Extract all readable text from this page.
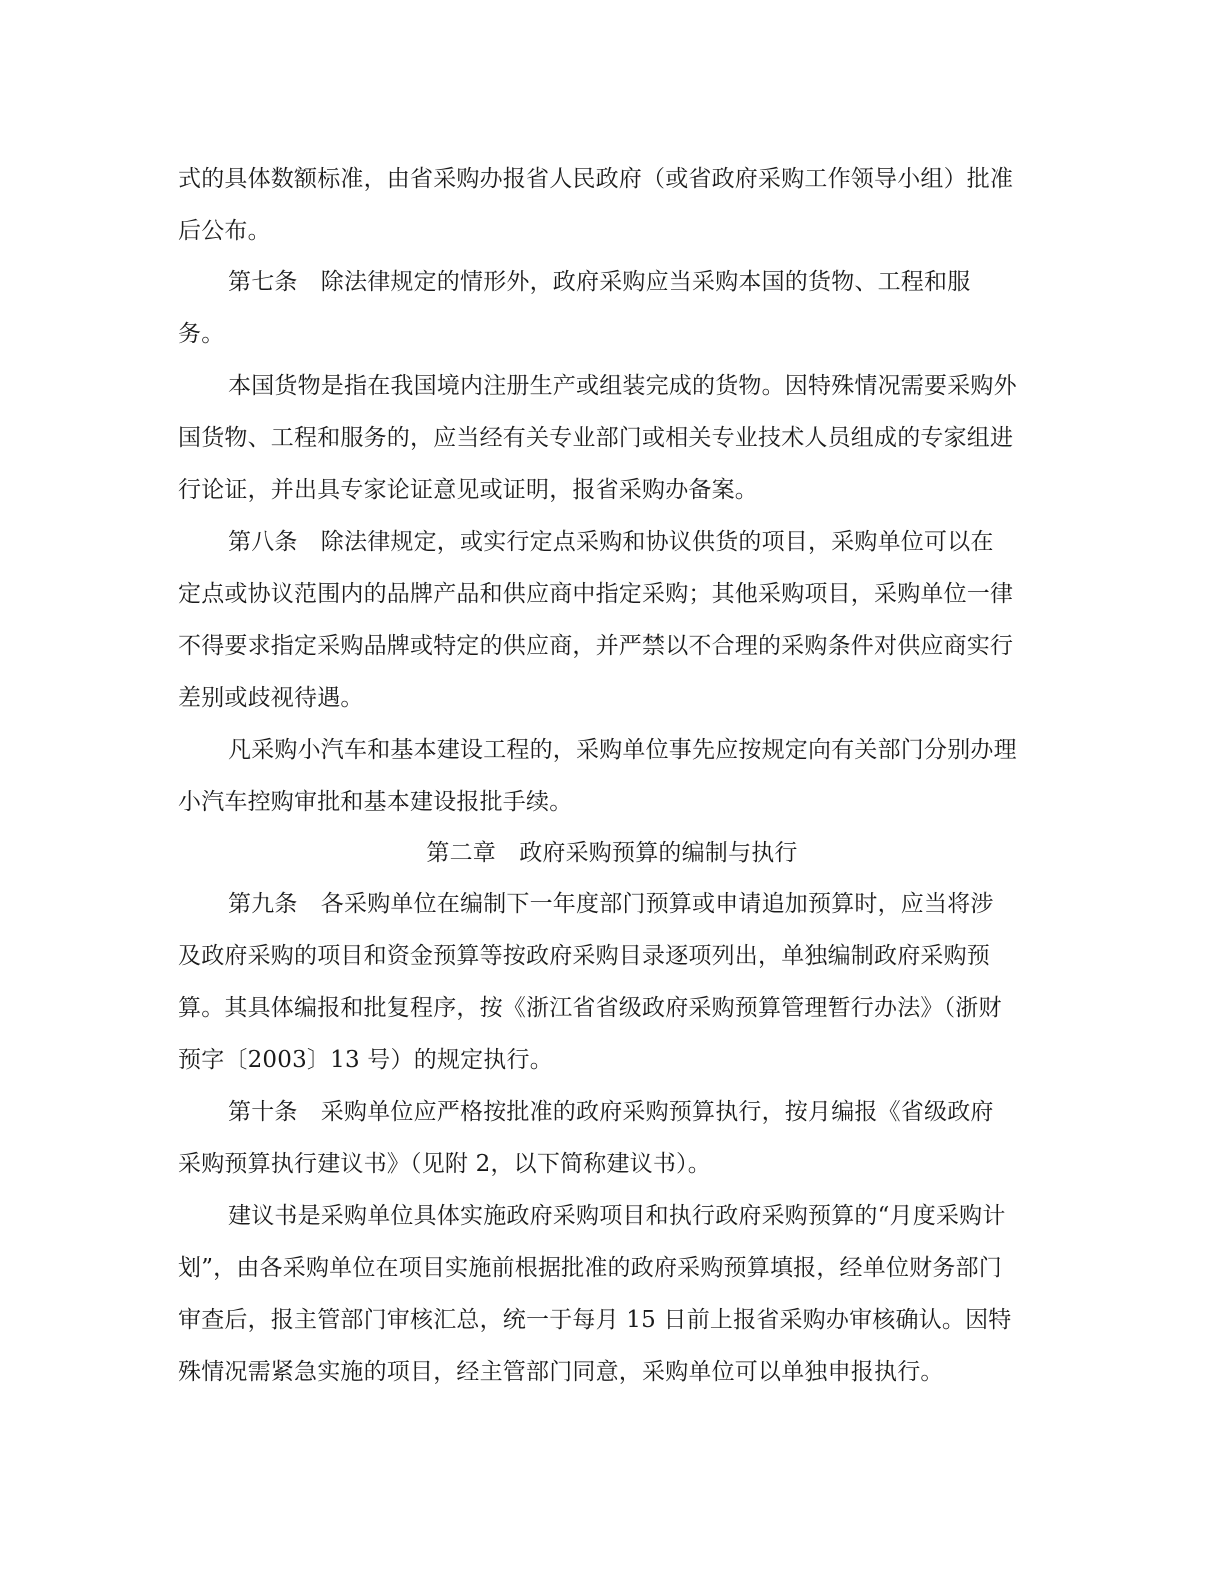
式的具体数额标准，由省采购办报省人民政府（或省政府采购工作领导小组）批准
后公布。
第七条　除法律规定的情形外，政府采购应当采购本国的货物、工程和服
务。
本国货物是指在我国境内注册生产或组装完成的货物。因特殊情况需要采购外
国货物、工程和服务的，应当经有关专业部门或相关专业技术人员组成的专家组进
行论证，并出具专家论证意见或证明，报省采购办备案。
第八条　除法律规定，或实行定点采购和协议供货的项目，采购单位可以在
定点或协议范围内的品牌产品和供应商中指定采购；其他采购项目，采购单位一律
不得要求指定采购品牌或特定的供应商，并严禁以不合理的采购条件对供应商实行
差别或歧视待遇。
凡采购小汽车和基本建设工程的，采购单位事先应按规定向有关部门分别办理
小汽车控购审批和基本建设报批手续。
第二章　政府采购预算的编制与执行
第九条　各采购单位在编制下一年度部门预算或申请追加预算时，应当将涉
及政府采购的项目和资金预算等按政府采购目录逐项列出，单独编制政府采购预
算。其具体编报和批复程序，按《浙江省省级政府采购预算管理暂行办法》（浙财
预字〔2003〕13 号）的规定执行。
第十条　采购单位应严格按批准的政府采购预算执行，按月编报《省级政府
采购预算执行建议书》（见附 2，以下简称建议书）。
建议书是采购单位具体实施政府采购项目和执行政府采购预算的“月度采购计
划”，由各采购单位在项目实施前根据批准的政府采购预算填报，经单位财务部门
审查后，报主管部门审核汇总，统一于每月 15 日前上报省采购办审核确认。因特
殊情况需紧急实施的项目，经主管部门同意，采购单位可以单独申报执行。
